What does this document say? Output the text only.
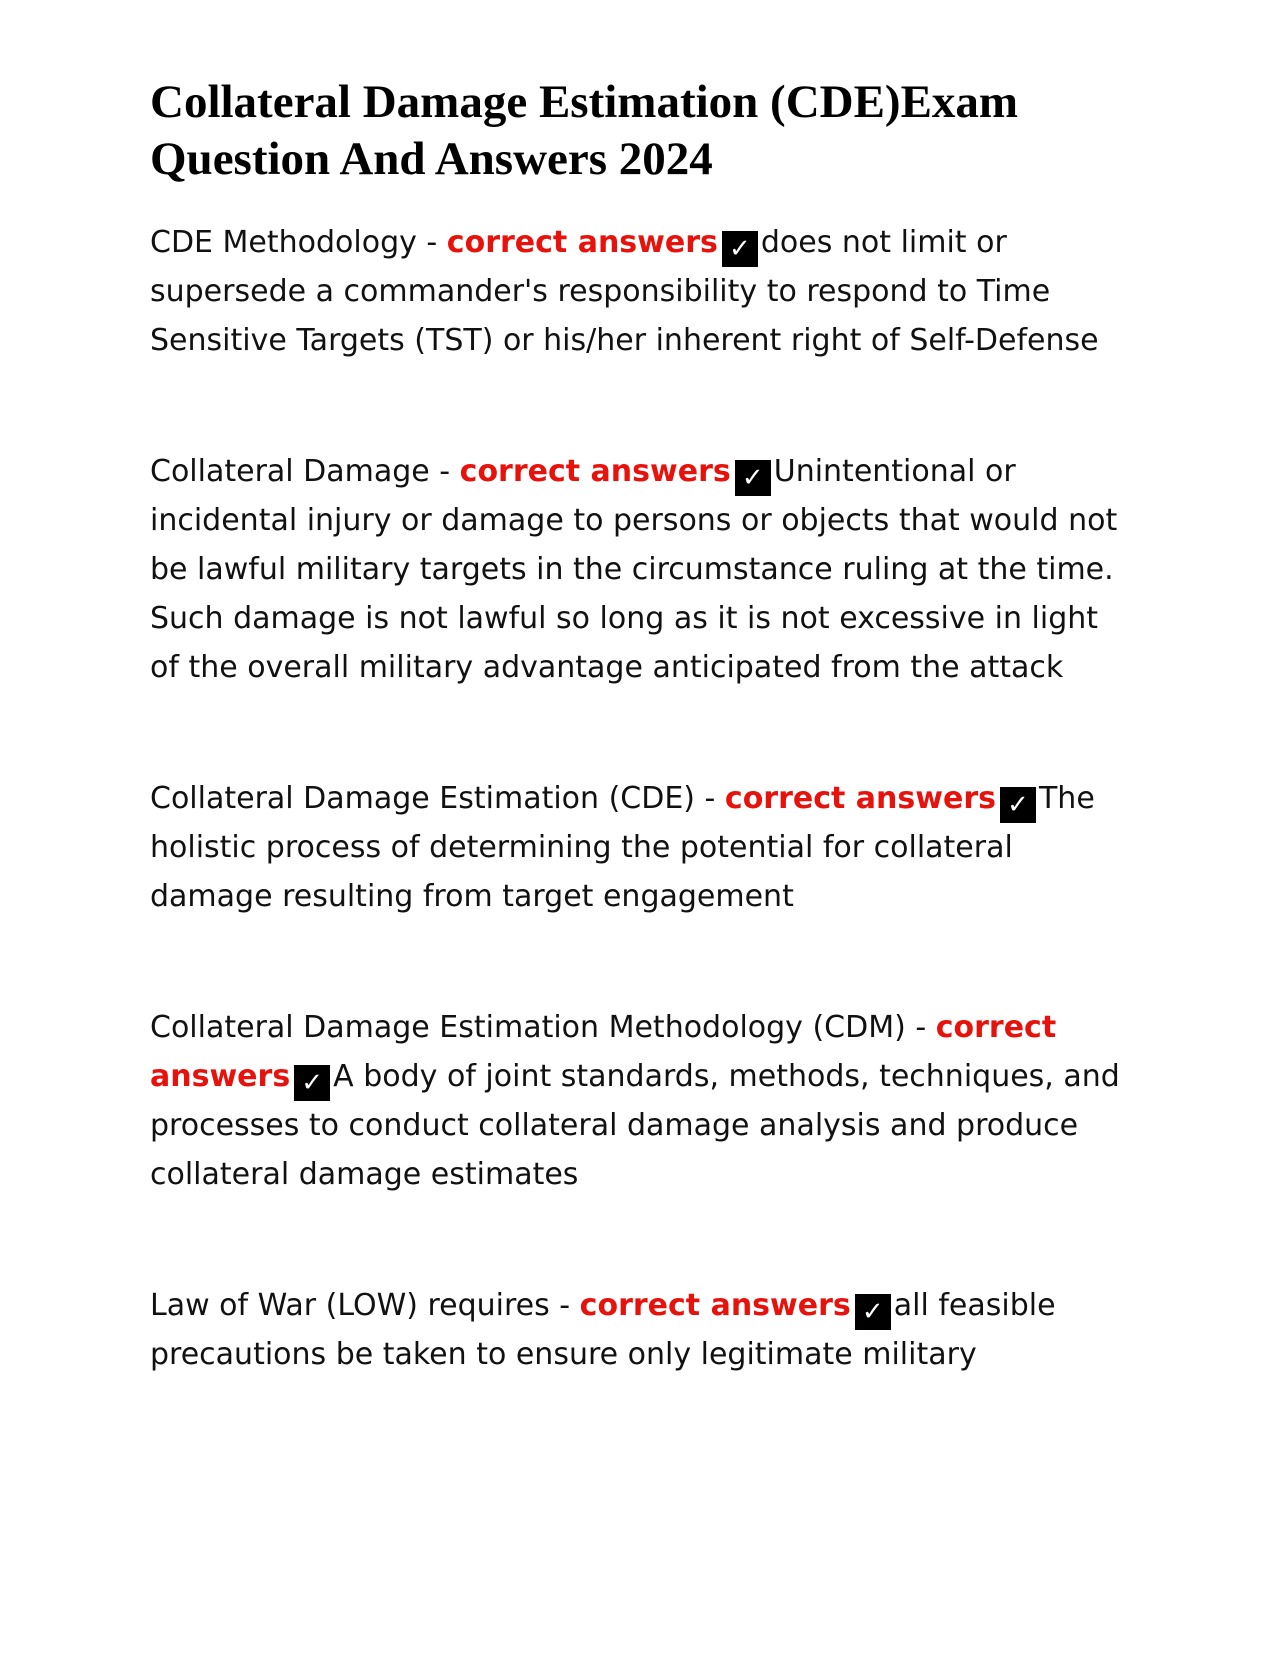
Collateral Damage Estimation (CDE)Exam Question And Answers 2024
CDE Methodology - correct answers ✓ does not limit or supersede a commander's responsibility to respond to Time Sensitive Targets (TST) or his/her inherent right of Self-Defense
Collateral Damage - correct answers ✓ Unintentional or incidental injury or damage to persons or objects that would not be lawful military targets in the circumstance ruling at the time. Such damage is not lawful so long as it is not excessive in light of the overall military advantage anticipated from the attack
Collateral Damage Estimation (CDE) - correct answers ✓ The holistic process of determining the potential for collateral damage resulting from target engagement
Collateral Damage Estimation Methodology (CDM) - correct answers ✓ A body of joint standards, methods, techniques, and processes to conduct collateral damage analysis and produce collateral damage estimates
Law of War (LOW) requires - correct answers ✓ all feasible precautions be taken to ensure only legitimate military
